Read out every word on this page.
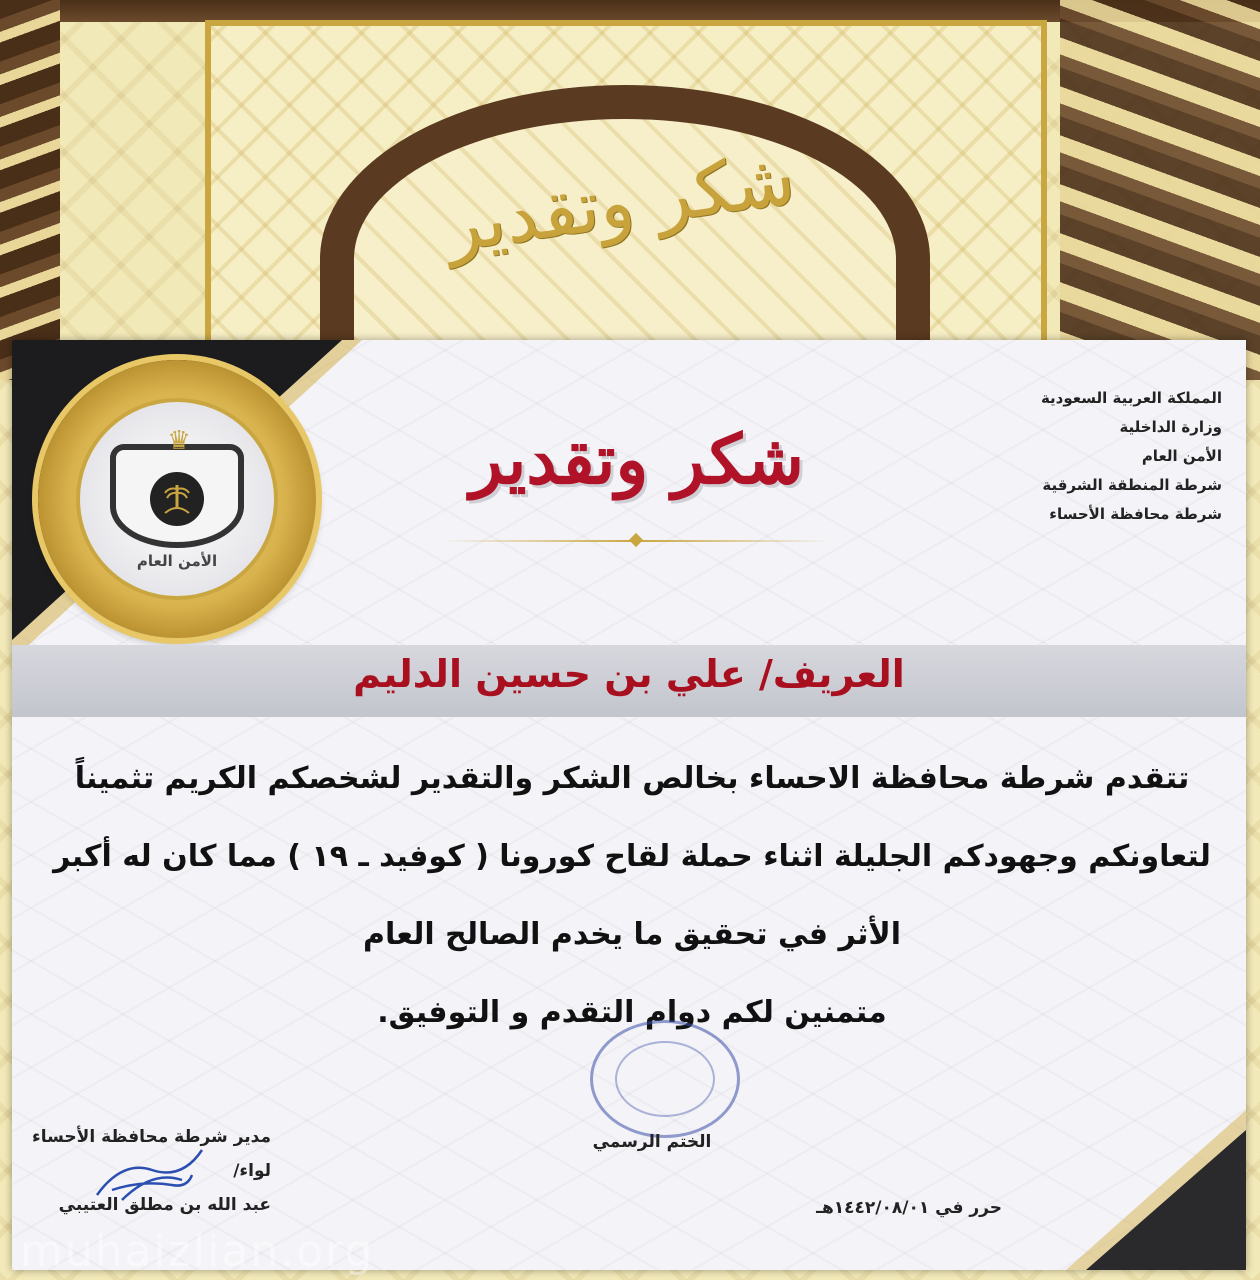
شكر وتقدير
♛
الأمن العام
المملكة العربية السعودية
وزارة الداخلية
الأمن العام
شرطة المنطقة الشرقية
شرطة محافظة الأحساء
شكر وتقدير
العريف/ علي بن حسين الدليم
تتقدم شرطة محافظة الاحساء بخالص الشكر والتقدير لشخصكم الكريم تثميناً
لتعاونكم وجهودكم الجليلة اثناء حملة لقاح كورونا ( كوفيد ـ ١٩ ) مما كان له أكبر
الأثر في تحقيق ما يخدم الصالح العام
متمنين لكم دوام التقدم و التوفيق.
الختم الرسمي
مدير شرطة محافظة الأحساء
لواء/
عبد الله بن مطلق العتيبي	حرر في ١٤٤٢/٠٨/٠١هـ
muhaizlian.org
